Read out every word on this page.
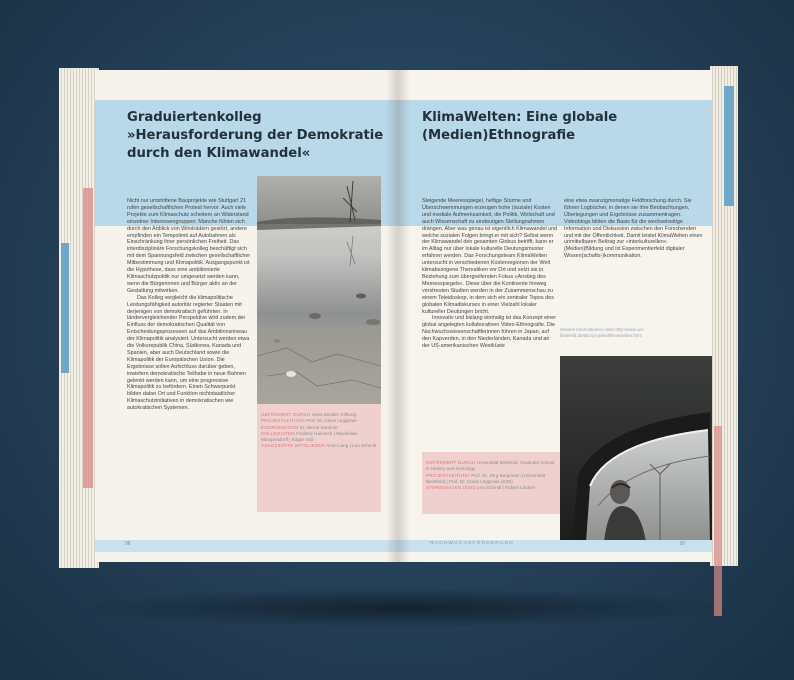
Graduiertenkolleg »Herausforderung der Demokratie durch den Klimawandel«

Nicht nur umstrittene Bauprojekte wie Stuttgart 21 rufen gesellschaftlichen Protest hervor. Auch viele Projekte zum Klimaschutz scheitern an Widerstand einzelner Interessengruppen: Manche fühlen sich durch den Anblick von Windrädern gestört, andere empfinden ein Tempolimit auf Autobahnen als Einschränkung ihrer persönlichen Freiheit. Das interdisziplinäre Forschungskolleg beschäftigt sich mit dem Spannungsfeld zwischen gesellschaftlicher Mitbestimmung und Klimapolitik. Ausgangspunkt ist die Hypothese, dass eine ambitionierte Klimaschutzpolitik nur umgesetzt werden kann, wenn die Bürgerinnen und Bürger aktiv an der Gestaltung mitwirken.

Das Kolleg vergleicht die klimapolitische Leistungsfähigkeit autoritär regierter Staaten mit derjenigen von demokratisch geführten. In ländervergleichender Perspektive wird zudem der Einfluss der demokratischen Qualität von Entscheidungsprozessen auf das Ambitionsniveau der Klimapolitik analysiert. Untersucht werden etwa die Volksrepublik China, Südkorea, Kanada und Spanien, aber auch Deutschland sowie die Klimapolitik der Europäischen Union. Die Ergebnisse sollen Aufschluss darüber geben, inwiefern demokratische Teilhabe in neue Bahnen gelenkt werden kann, um eine progressive Klimapolitik zu befördern. Einen Schwerpunkt bilden dabei Ort und Funktion nichtstaatlicher Klimaschutzinitiativen in demokratischen wie autokratischen Systemen.

GEFÖRDERT DURCH Hans Böckler Stiftung
PROJEKTLEITUNG Prof. Dr. Claus Leggewie
KOORDINATION Dr. Bernd Sommer
KOLLEGIATEN Frederic Hanusch | Maximilian Müngersdorff | Edgar Voß
ASSOZIIERTE MITGLIEDER Anne Lang | Lea Schmitt
96
KlimaWelten: Eine globale (Medien)Ethnografie

Steigende Meeresspiegel, heftige Stürme und Überschwemmungen erzeugen hohe (soziale) Kosten und mediale Aufmerksamkeit, die Politik, Wirtschaft und auch Wissenschaft zu eindeutigen Stellungnahmen drängen. Aber was genau ist eigentlich Klimawandel und welche sozialen Folgen bringt er mit sich? Selbst wenn der Klimawandel den gesamten Globus betrifft, kann er im Alltag nur über lokale kulturelle Deutungsmuster erfahren werden. Das Forschungsteam KlimaWelten untersucht in verschiedenen Küstenregionen der Welt klimabezogene Thematiken vor Ort und setzt sie in Beziehung zum übergreifenden Fokus »Anstieg des Meeresspiegels«. Diese über die Kontinente hinweg verstreuten Studien werden in der Zusammenschau zu einem Teleidoskop, in dem sich ein zentraler Topos des globalen Klimadiskurses in einer Vielzahl lokaler kultureller Deutungen bricht.

Innovativ und bislang einmalig ist das Konzept einer global angelegten kollaborativen Video-Ethnografie. Die Nachwuchswissenschaftlerinnen führen in Japan, auf den Kapverden, in den Niederlanden, Kanada und an der US-amerikanischen Westküste

eine etwa zwanzigmonatige Feldforschung durch. Sie führen Logbücher, in denen sie ihre Beobachtungen, Überlegungen und Ergebnisse zusammentragen. Videoblogs bilden die Basis für die wechselseitige Information und Diskussion zwischen den Forschenden und mit der Öffentlichkeit. Damit leistet KlimaWelten einen unmittelbaren Beitrag zur »interkulturellen« (Medien)Bildung und ist Experimentierfeld digitaler Wissen(schafts-)kommunikation.

Weitere Informationen unter http://www.uni-bielefeld.de/tdrc/projekte/klimawelten.html

GEFÖRDERT DURCH Universität Bielefeld, Graduate School in History and Sociology
PROJEKTLEITUNG Prof. Dr. Jörg Bergmann (Universität Bielefeld) | Prof. Dr. Claus Leggewie (KWI)
STIPENDIATEN (KWI) Lea Schmitt | Robert Lindner
NACHWUCHSFÖRDERUNG	97
